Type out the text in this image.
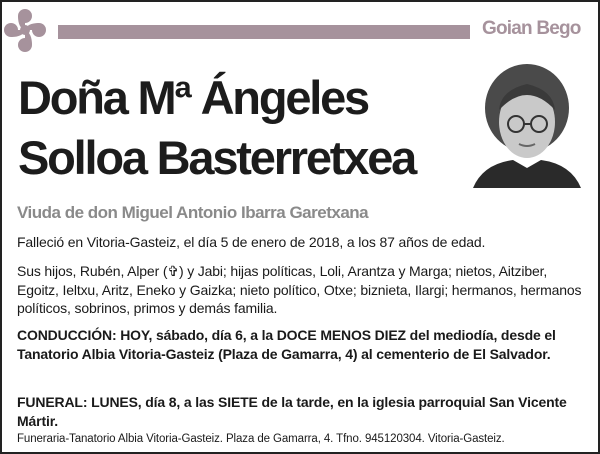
Goian Bego
Doña Mª Ángeles
Solloa Basterretxea
Viuda de don Miguel Antonio Ibarra Garetxana
Falleció en Vitoria-Gasteiz, el día 5 de enero de 2018, a los 87 años de edad.
Sus hijos, Rubén, Alper (✞) y Jabi; hijas políticas, Loli, Arantza y Marga; nietos, Aitziber, Egoitz, Ieltxu, Aritz, Eneko y Gaizka; nieto político, Otxe; biznieta, Ilargi; hermanos, hermanos políticos, sobrinos, primos y demás familia.
CONDUCCIÓN: HOY, sábado, día 6, a la DOCE MENOS DIEZ del mediodía, desde el Tanatorio Albia Vitoria-Gasteiz (Plaza de Gamarra, 4) al cementerio de El Salvador.
FUNERAL: LUNES, día 8, a las SIETE de la tarde, en la iglesia parroquial San Vicente Mártir.
Funeraria-Tanatorio Albia Vitoria-Gasteiz. Plaza de Gamarra, 4. Tfno. 945120304. Vitoria-Gasteiz.
